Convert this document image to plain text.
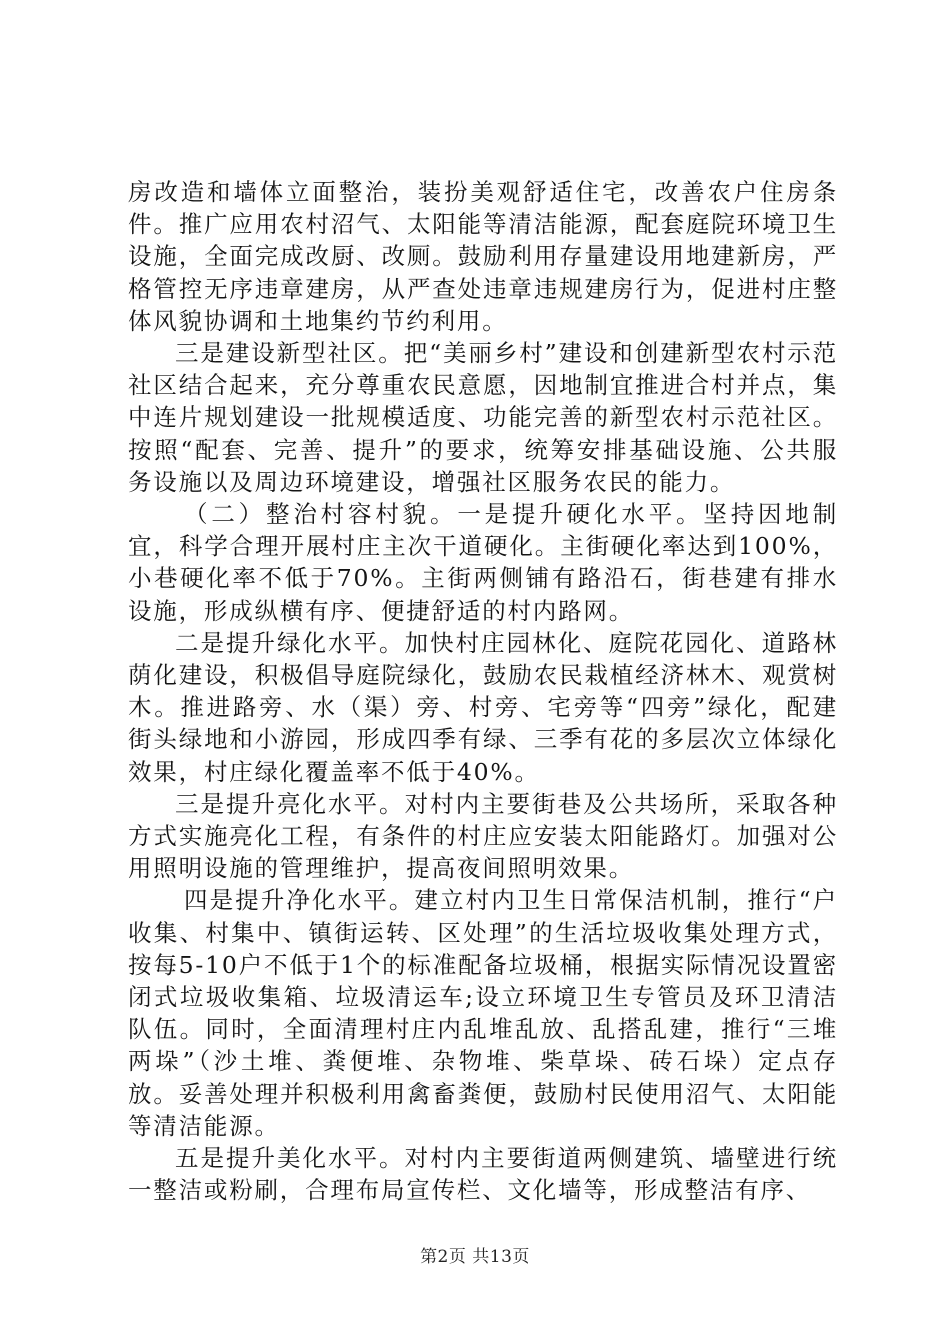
房改造和墙体立面整治，装扮美观舒适住宅，改善农户住房条件。推广应用农村沼气、太阳能等清洁能源，配套庭院环境卫生设施，全面完成改厨、改厕。鼓励利用存量建设用地建新房，严格管控无序违章建房，从严查处违章违规建房行为，促进村庄整体风貌协调和土地集约节约利用。

三是建设新型社区。把“美丽乡村”建设和创建新型农村示范社区结合起来，充分尊重农民意愿，因地制宜推进合村并点，集中连片规划建设一批规模适度、功能完善的新型农村示范社区。按照“配套、完善、提升”的要求，统筹安排基础设施、公共服务设施以及周边环境建设，增强社区服务农民的能力。

（二）整治村容村貌。一是提升硬化水平。坚持因地制宜，科学合理开展村庄主次干道硬化。主街硬化率达到100%，小巷硬化率不低于70%。主街两侧铺有路沿石，街巷建有排水设施，形成纵横有序、便捷舒适的村内路网。

二是提升绿化水平。加快村庄园林化、庭院花园化、道路林荫化建设，积极倡导庭院绿化，鼓励农民栽植经济林木、观赏树木。推进路旁、水（渠）旁、村旁、宅旁等“四旁”绿化，配建街头绿地和小游园，形成四季有绿、三季有花的多层次立体绿化效果，村庄绿化覆盖率不低于40%。

三是提升亮化水平。对村内主要街巷及公共场所，采取各种方式实施亮化工程，有条件的村庄应安装太阳能路灯。加强对公用照明设施的管理维护，提高夜间照明效果。

四是提升净化水平。建立村内卫生日常保洁机制，推行“户收集、村集中、镇街运转、区处理”的生活垃圾收集处理方式，按每5-10户不低于1个的标准配备垃圾桶，根据实际情况设置密闭式垃圾收集箱、垃圾清运车;设立环境卫生专管员及环卫清洁队伍。同时，全面清理村庄内乱堆乱放、乱搭乱建，推行“三堆两垛”（沙土堆、粪便堆、杂物堆、柴草垛、砖石垛）定点存放。妥善处理并积极利用禽畜粪便，鼓励村民使用沼气、太阳能等清洁能源。

五是提升美化水平。对村内主要街道两侧建筑、墙壁进行统一整洁或粉刷，合理布局宣传栏、文化墙等，形成整洁有序、

第2页 共13页
